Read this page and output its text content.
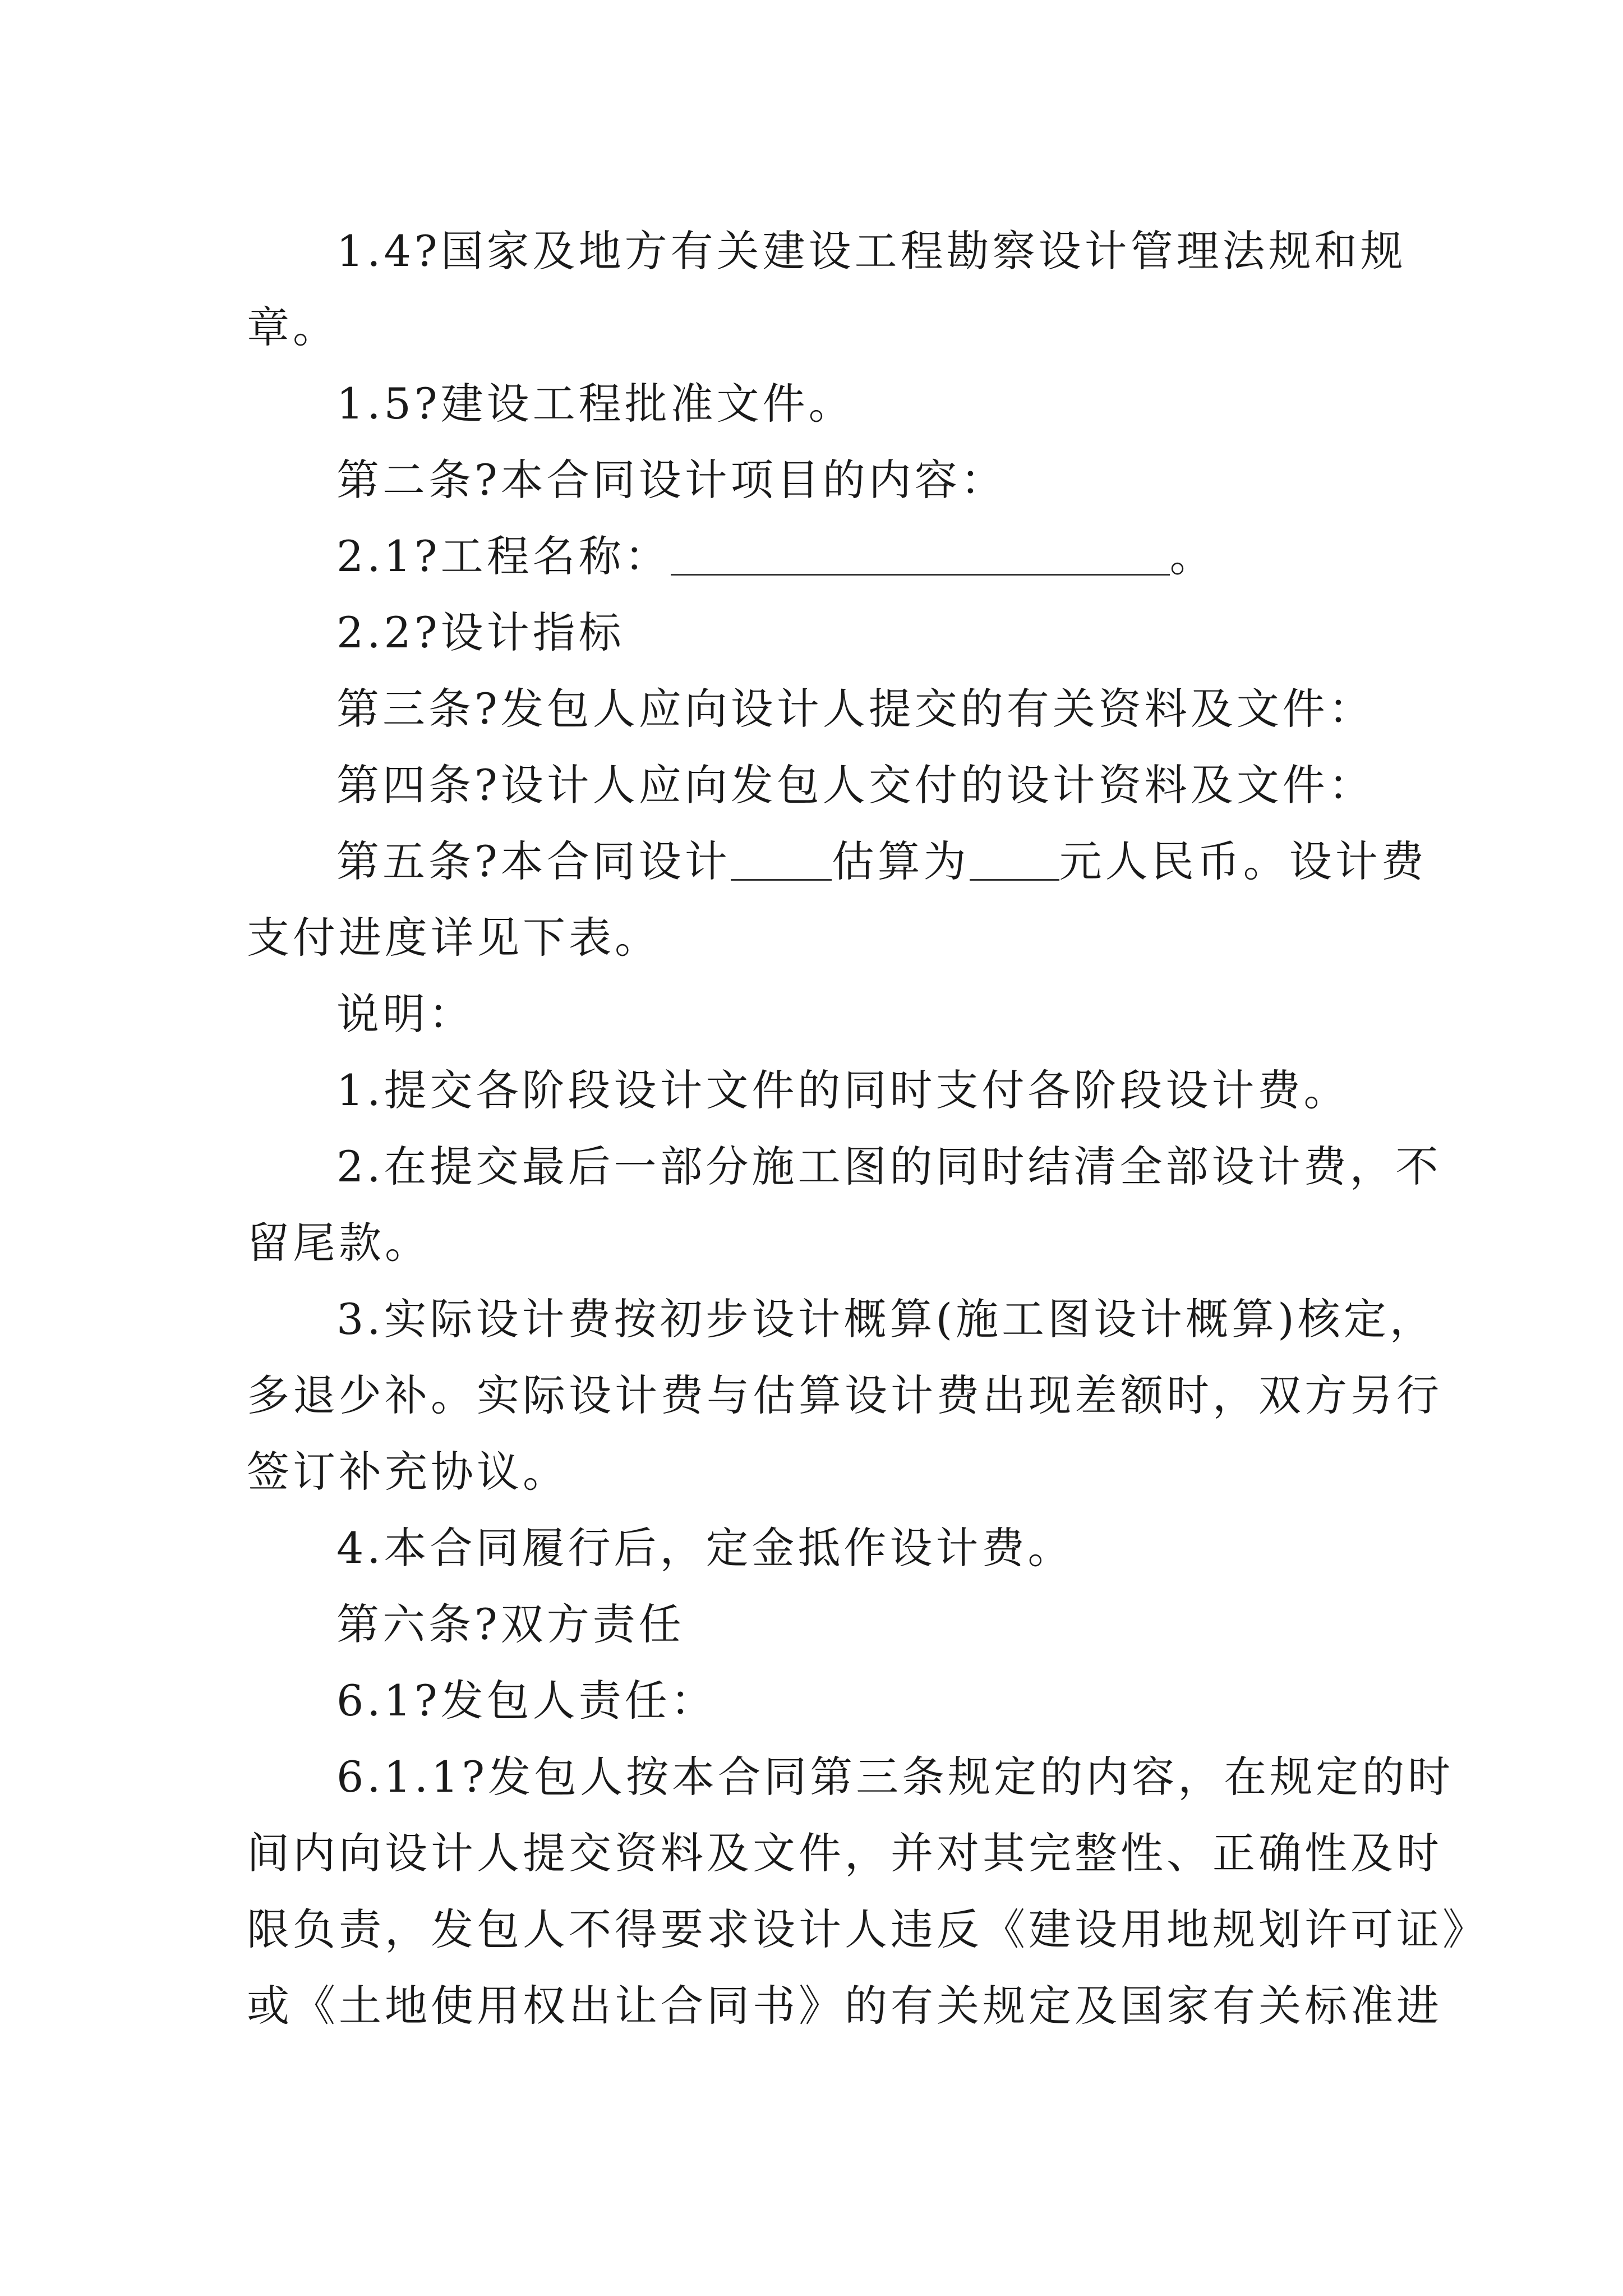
1.4?国家及地方有关建设工程勘察设计管理法规和规
章。
1.5?建设工程批准文件。
第二条?本合同设计项目的内容：
2.1?工程名称：	。
2.2?设计指标
第三条?发包人应向设计人提交的有关资料及文件：
第四条?设计人应向发包人交付的设计资料及文件：
第五条?本合同设计 估算为 元人民币。设计费
支付进度详见下表。
说明：
1.提交各阶段设计文件的同时支付各阶段设计费。
2.在提交最后一部分施工图的同时结清全部设计费，不
留尾款。
3.实际设计费按初步设计概算(施工图设计概算)核定，
多退少补。实际设计费与估算设计费出现差额时，双方另行
签订补充协议。
4.本合同履行后，定金抵作设计费。
第六条?双方责任
6.1?发包人责任：
6.1.1?发包人按本合同第三条规定的内容，在规定的时
间内向设计人提交资料及文件，并对其完整性、正确性及时
限负责，发包人不得要求设计人违反《建设用地规划许可证》
或《土地使用权出让合同书》的有关规定及国家有关标准进
